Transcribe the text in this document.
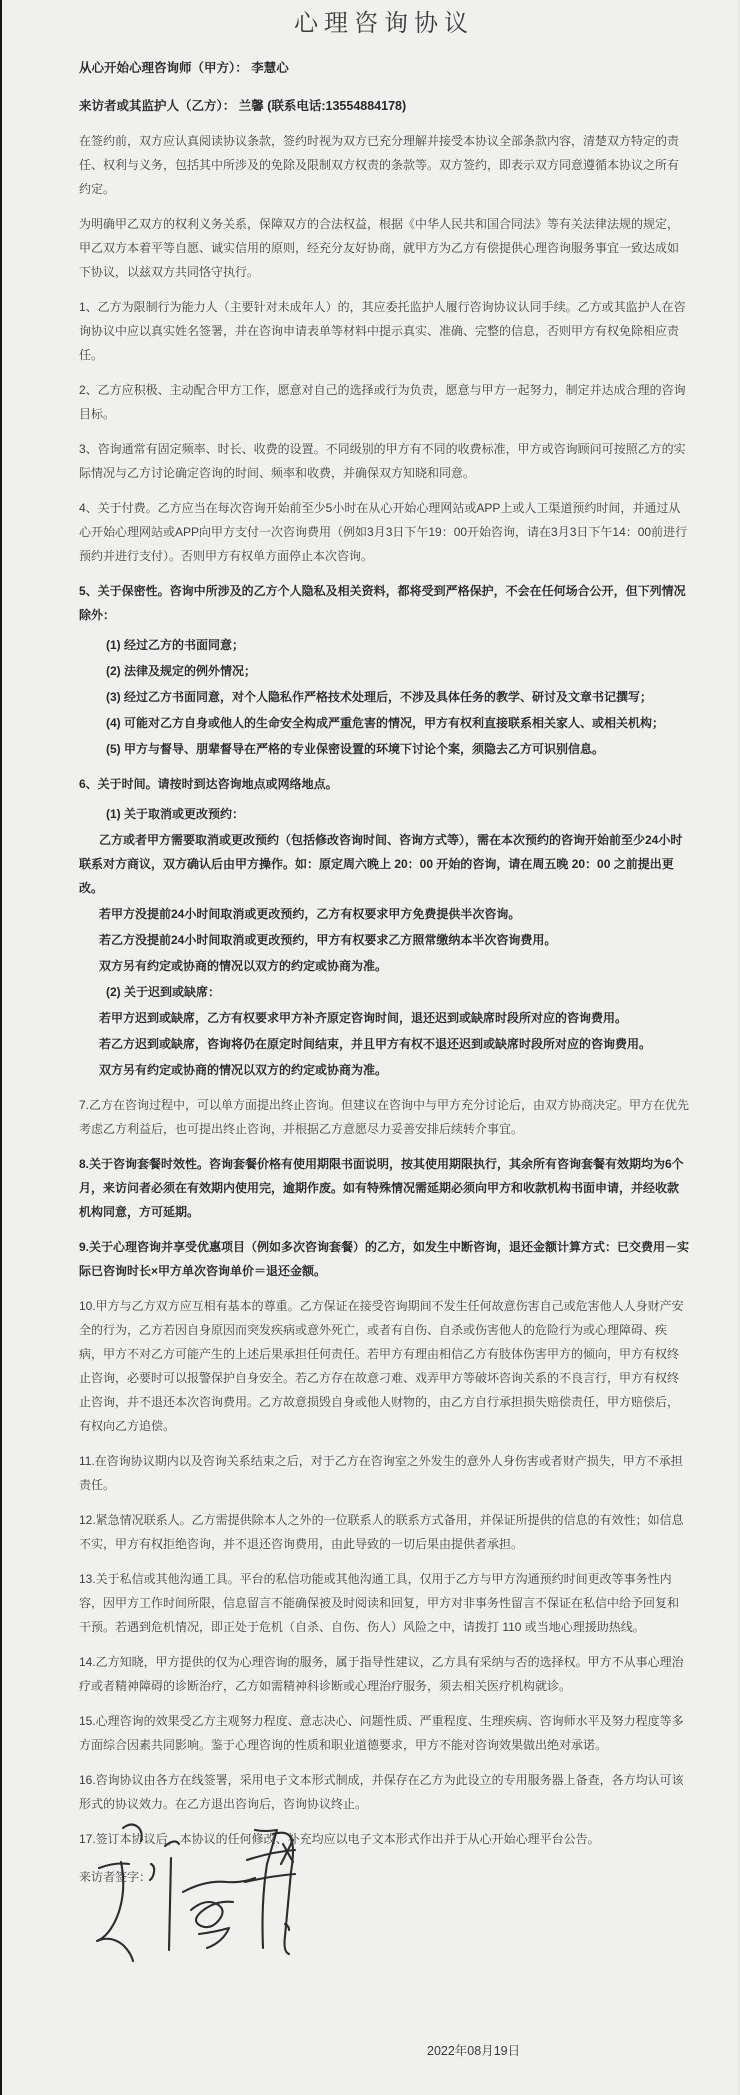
心理咨询协议

从心开始心理咨询师（甲方）： 李慧心

来访者或其监护人（乙方）： 兰馨 (联系电话:13554884178)

在签约前，双方应认真阅读协议条款，签约时视为双方已充分理解并接受本协议全部条款内容，清楚双方特定的责任、权利与义务，包括其中所涉及的免除及限制双方权责的条款等。双方签约，即表示双方同意遵循本协议之所有约定。

为明确甲乙双方的权利义务关系，保障双方的合法权益，根据《中华人民共和国合同法》等有关法律法规的规定，甲乙双方本着平等自愿、诚实信用的原则，经充分友好协商，就甲方为乙方有偿提供心理咨询服务事宜一致达成如下协议，以兹双方共同恪守执行。

1、乙方为限制行为能力人（主要针对未成年人）的，其应委托监护人履行咨询协议认同手续。乙方或其监护人在咨询协议中应以真实姓名签署，并在咨询申请表单等材料中提示真实、准确、完整的信息，否则甲方有权免除相应责任。

2、乙方应积极、主动配合甲方工作，愿意对自己的选择或行为负责，愿意与甲方一起努力，制定并达成合理的咨询目标。

3、咨询通常有固定频率、时长、收费的设置。不同级别的甲方有不同的收费标准，甲方或咨询顾问可按照乙方的实际情况与乙方讨论确定咨询的时间、频率和收费，并确保双方知晓和同意。

4、关于付费。乙方应当在每次咨询开始前至少5小时在从心开始心理网站或APP上或人工渠道预约时间，并通过从心开始心理网站或APP向甲方支付一次咨询费用（例如3月3日下午19：00开始咨询，请在3月3日下午14：00前进行预约并进行支付）。否则甲方有权单方面停止本次咨询。

5、关于保密性。咨询中所涉及的乙方个人隐私及相关资料，都将受到严格保护，不会在任何场合公开，但下列情况除外：

(1) 经过乙方的书面同意；

(2) 法律及规定的例外情况；

(3) 经过乙方书面同意，对个人隐私作严格技术处理后，不涉及具体任务的教学、研讨及文章书记撰写；

(4) 可能对乙方自身或他人的生命安全构成严重危害的情况，甲方有权利直接联系相关家人、或相关机构；

(5) 甲方与督导、朋辈督导在严格的专业保密设置的环境下讨论个案，须隐去乙方可识别信息。

6、关于时间。请按时到达咨询地点或网络地点。

(1) 关于取消或更改预约：

乙方或者甲方需要取消或更改预约（包括修改咨询时间、咨询方式等），需在本次预约的咨询开始前至少24小时联系对方商议，双方确认后由甲方操作。如：原定周六晚上 20：00 开始的咨询，请在周五晚 20：00 之前提出更改。

若甲方没提前24小时间取消或更改预约，乙方有权要求甲方免费提供半次咨询。

若乙方没提前24小时间取消或更改预约，甲方有权要求乙方照常缴纳本半次咨询费用。

双方另有约定或协商的情况以双方的约定或协商为准。

(2) 关于迟到或缺席：

若甲方迟到或缺席，乙方有权要求甲方补齐原定咨询时间，退还迟到或缺席时段所对应的咨询费用。

若乙方迟到或缺席，咨询将仍在原定时间结束，并且甲方有权不退还迟到或缺席时段所对应的咨询费用。

双方另有约定或协商的情况以双方的约定或协商为准。

7.乙方在咨询过程中，可以单方面提出终止咨询。但建议在咨询中与甲方充分讨论后，由双方协商决定。甲方在优先考虑乙方利益后，也可提出终止咨询，并根据乙方意愿尽力妥善安排后续转介事宜。

8.关于咨询套餐时效性。咨询套餐价格有使用期限书面说明，按其使用期限执行，其余所有咨询套餐有效期均为6个月，来访问者必须在有效期内使用完，逾期作废。如有特殊情况需延期必须向甲方和收款机构书面申请，并经收款机构同意，方可延期。

9.关于心理咨询并享受优惠项目（例如多次咨询套餐）的乙方，如发生中断咨询，退还金额计算方式：已交费用－实际已咨询时长×甲方单次咨询单价＝退还金额。

10.甲方与乙方双方应互相有基本的尊重。乙方保证在接受咨询期间不发生任何故意伤害自己或危害他人人身财产安全的行为，乙方若因自身原因而突发疾病或意外死亡，或者有自伤、自杀或伤害他人的危险行为或心理障碍、疾病，甲方不对乙方可能产生的上述后果承担任何责任。若甲方有理由相信乙方有肢体伤害甲方的倾向，甲方有权终止咨询，必要时可以报警保护自身安全。若乙方存在故意刁难、戏弄甲方等破坏咨询关系的不良言行，甲方有权终止咨询，并不退还本次咨询费用。乙方故意损毁自身或他人财物的，由乙方自行承担损失赔偿责任，甲方赔偿后，有权向乙方追偿。

11.在咨询协议期内以及咨询关系结束之后，对于乙方在咨询室之外发生的意外人身伤害或者财产损失，甲方不承担责任。

12.紧急情况联系人。乙方需提供除本人之外的一位联系人的联系方式备用，并保证所提供的信息的有效性；如信息不实，甲方有权拒绝咨询，并不退还咨询费用，由此导致的一切后果由提供者承担。

13.关于私信或其他沟通工具。平台的私信功能或其他沟通工具，仅用于乙方与甲方沟通预约时间更改等事务性内容，因甲方工作时间所限，信息留言不能确保被及时阅读和回复，甲方对非事务性留言不保证在私信中给予回复和干预。若遇到危机情况，即正处于危机（自杀、自伤、伤人）风险之中，请拨打 110 或当地心理援助热线。

14.乙方知晓，甲方提供的仅为心理咨询的服务，属于指导性建议，乙方具有采纳与否的选择权。甲方不从事心理治疗或者精神障碍的诊断治疗，乙方如需精神科诊断或心理治疗服务，须去相关医疗机构就诊。

15.心理咨询的效果受乙方主观努力程度、意志决心、问题性质、严重程度、生理疾病、咨询师水平及努力程度等多方面综合因素共同影响。鉴于心理咨询的性质和职业道德要求，甲方不能对咨询效果做出绝对承诺。

16.咨询协议由各方在线签署，采用电子文本形式制成，并保存在乙方为此设立的专用服务器上备查，各方均认可该形式的协议效力。在乙方退出咨询后，咨询协议终止。

17.签订本协议后，本协议的任何修改、补充均应以电子文本形式作出并于从心开始心理平台公告。

来访者签字：

2022年08月19日
